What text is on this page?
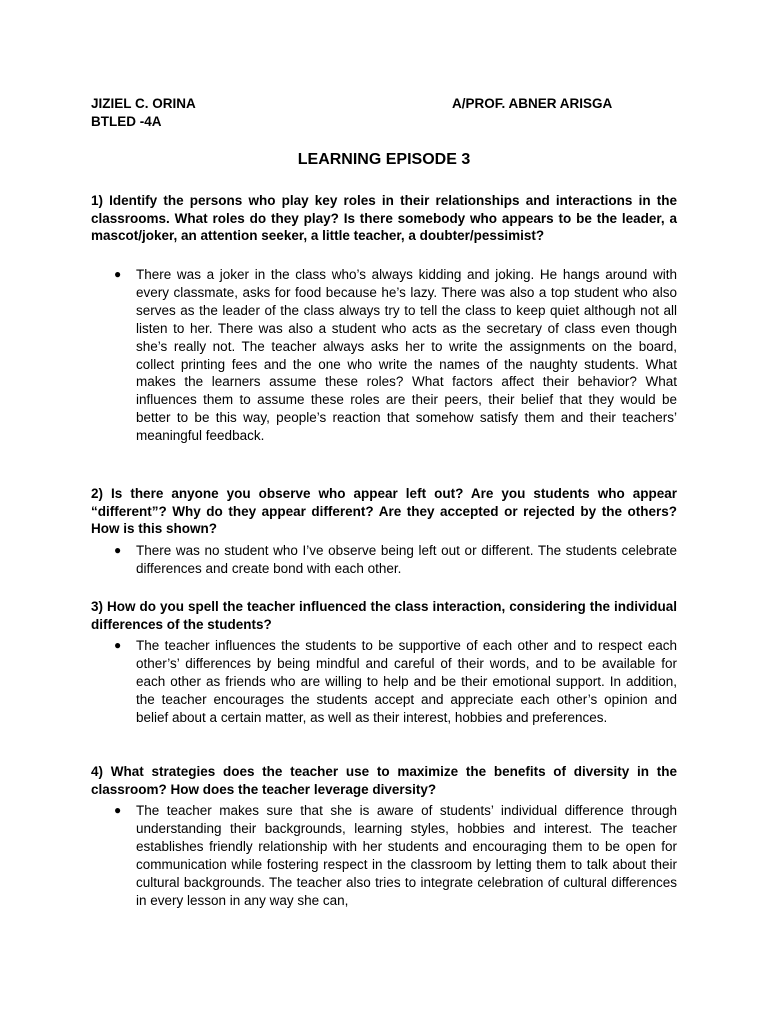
JIZIEL C. ORINA
BTLED -4A
A/PROF. ABNER ARISGA
LEARNING EPISODE 3
1) Identify the persons who play key roles in their relationships and interactions in the classrooms. What roles do they play? Is there somebody who appears to be the leader, a mascot/joker, an attention seeker, a little teacher, a doubter/pessimist?
●	There was a joker in the class who’s always kidding and joking. He hangs around with every classmate, asks for food because he’s lazy. There was also a top student who also serves as the leader of the class always try to tell the class to keep quiet although not all listen to her. There was also a student who acts as the secretary of class even though she’s really not. The teacher always asks her to write the assignments on the board, collect printing fees and the one who write the names of the naughty students. What makes the learners assume these roles? What factors affect their behavior? What influences them to assume these roles are their peers, their belief that they would be better to be this way, people’s reaction that somehow satisfy them and their teachers’ meaningful feedback.
2) Is there anyone you observe who appear left out? Are you students who appear “different”? Why do they appear different? Are they accepted or rejected by the others? How is this shown?
●	There was no student who I’ve observe being left out or different. The students celebrate differences and create bond with each other.
3) How do you spell the teacher influenced the class interaction, considering the individual differences of the students?
●	The teacher influences the students to be supportive of each other and to respect each other’s’ differences by being mindful and careful of their words, and to be available for each other as friends who are willing to help and be their emotional support. In addition, the teacher encourages the students accept and appreciate each other’s opinion and belief about a certain matter, as well as their interest, hobbies and preferences.
4) What strategies does the teacher use to maximize the benefits of diversity in the classroom? How does the teacher leverage diversity?
●	The teacher makes sure that she is aware of students’ individual difference through understanding their backgrounds, learning styles, hobbies and interest. The teacher establishes friendly relationship with her students and encouraging them to be open for communication while fostering respect in the classroom by letting them to talk about their cultural backgrounds. The teacher also tries to integrate celebration of cultural differences in every lesson in any way she can,
